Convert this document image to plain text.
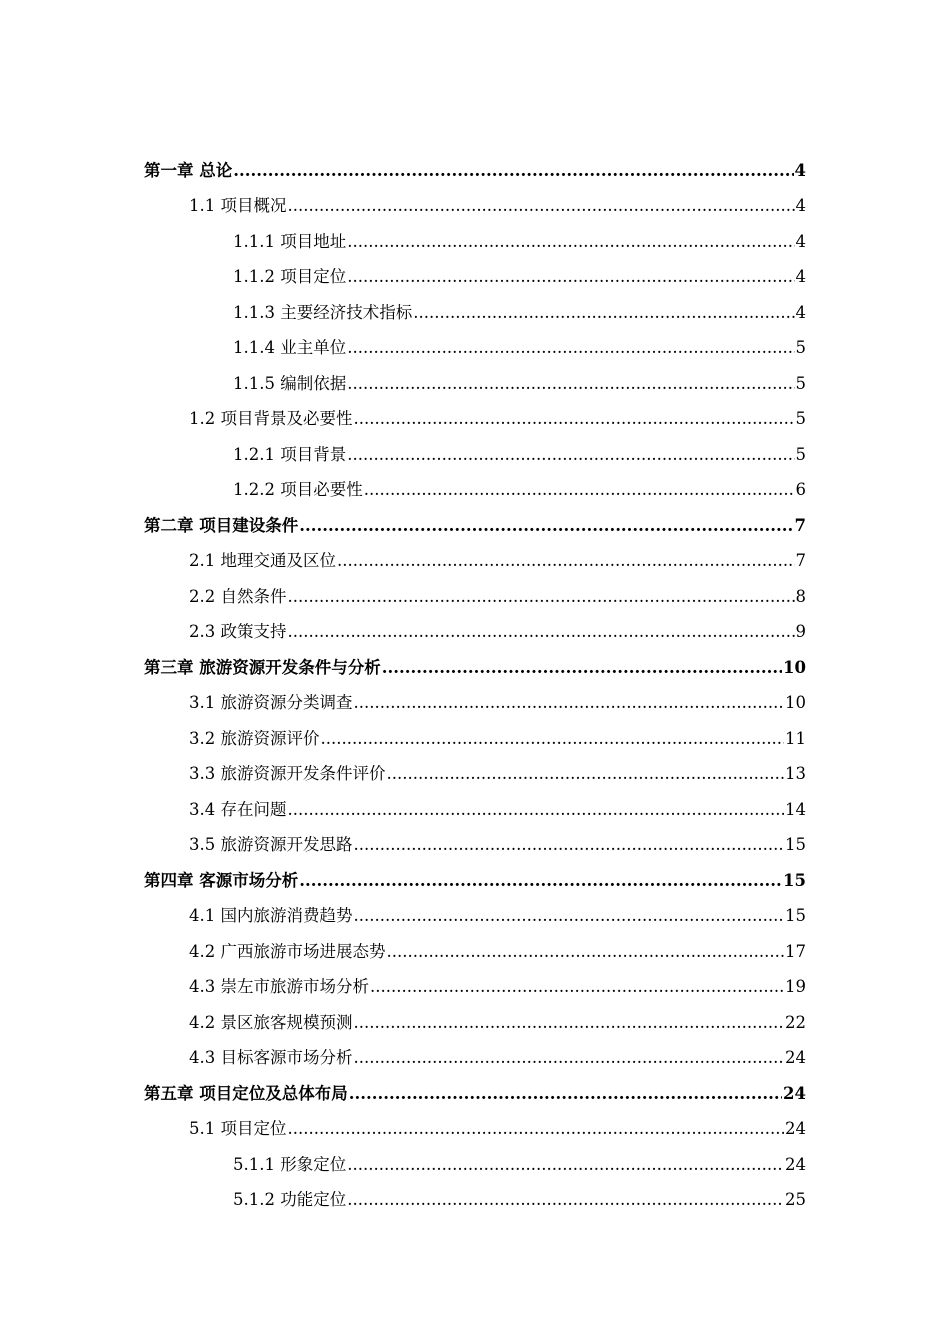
第一章 总论 .....	4
1.1 项目概况 .....	4
1.1.1 项目地址 .....	4
1.1.2 项目定位 .....	4
1.1.3 主要经济技术指标 .....	4
1.1.4 业主单位 .....	5
1.1.5 编制依据 .....	5
1.2 项目背景及必要性 .....	5
1.2.1 项目背景 .....	5
1.2.2 项目必要性 .....	6
第二章 项目建设条件 .....	7
2.1 地理交通及区位 .....	7
2.2 自然条件 .....	8
2.3 政策支持 .....	9
第三章 旅游资源开发条件与分析 .....	10
3.1 旅游资源分类调查 .....	10
3.2 旅游资源评价 .....	11
3.3 旅游资源开发条件评价 .....	13
3.4 存在问题 .....	14
3.5 旅游资源开发思路 .....	15
第四章 客源市场分析 .....	15
4.1 国内旅游消费趋势 .....	15
4.2 广西旅游市场进展态势 .....	17
4.3 崇左市旅游市场分析 .....	19
4.2 景区旅客规模预测 .....	22
4.3 目标客源市场分析 .....	24
第五章 项目定位及总体布局 .....	24
5.1 项目定位 .....	24
5.1.1 形象定位 .....	24
5.1.2 功能定位 .....	25
